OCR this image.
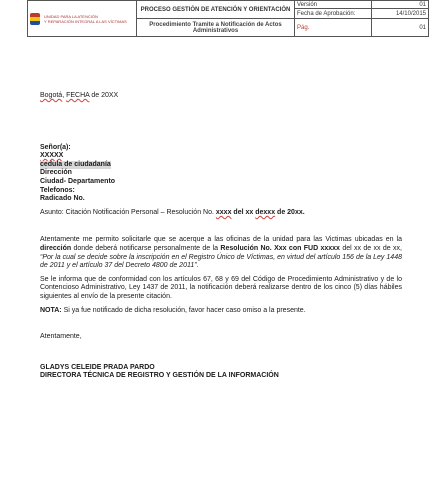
UNIDAD PARA LA ATENCIÓN
Y REPARACIÓN INTEGRAL A LAS VÍCTIMAS	PROCESO GESTIÓN DE ATENCIÓN Y ORIENTACIÓN	Versión	01
		Fecha de Aprobación:	14/10/2015

	Procedimiento Tramite a Notificación de Actos
Administrativos	Pág.	01

Bogotá, FECHA de 20XX

Señor(a):

XXXXX

cedula de ciudadanía

Dirección

Ciudad- Departamento

Telefonos:

Radicado No.

Asunto: Citación Notificación Personal – Resolución No. xxxx del xx dexxx de 20xx.

Atentamente me permito solicitarle que se acerque a las oficinas de la unidad para las Victimas ubicadas en la dirección donde deberá notificarse personalmente de la Resolución No. Xxx con FUD xxxxx del xx de xx de xx, “Por la cual se decide sobre la inscripción en el Registro Único de Víctimas, en virtud del artículo 156 de la Ley 1448 de 2011 y el artículo 37 del Decreto 4800 de 2011”.

Se le informa que de conformidad con los artículos 67, 68 y 69 del Código de Procedimiento Administrativo y de lo Contencioso Administrativo, Ley 1437 de 2011, la notificación deberá realizarse dentro de los cinco (5) días hábiles siguientes al envío de la presente citación.

NOTA: Si ya fue notificado de dicha resolución, favor hacer caso omiso a la presente.

Atentamente,

GLADYS CELEIDE PRADA PARDO

DIRECTORA TÉCNICA DE REGISTRO Y GESTIÓN DE LA INFORMACIÓN
